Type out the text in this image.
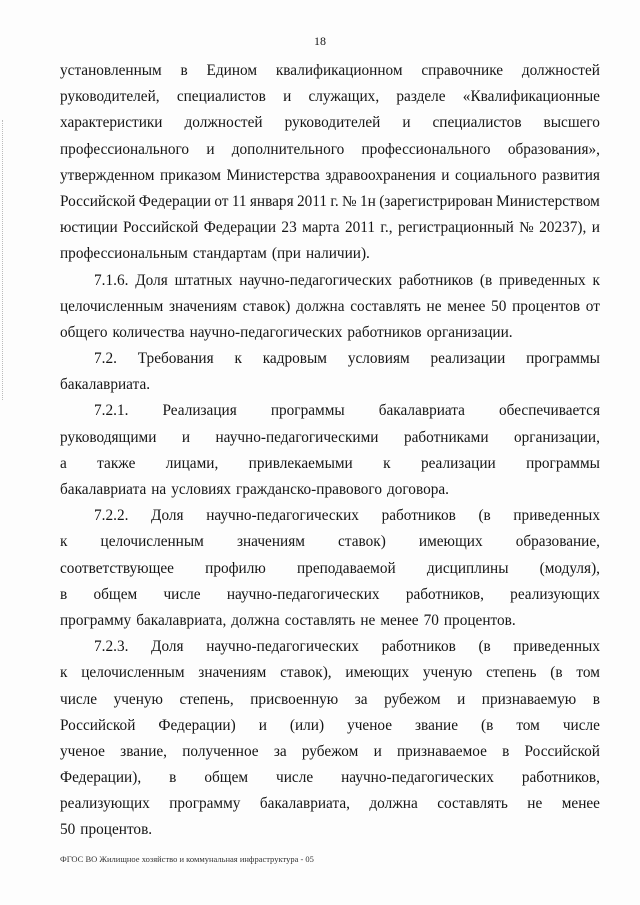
18
установленным в Едином квалификационном справочнике должностей
руководителей, специалистов и служащих, разделе «Квалификационные
характеристики должностей руководителей и специалистов высшего
профессионального и дополнительного профессионального образования»,
утвержденном приказом Министерства здравоохранения и социального развития
Российской Федерации от 11 января 2011 г. № 1н (зарегистрирован Министерством
юстиции Российской Федерации 23 марта 2011 г., регистрационный № 20237), и
профессиональным стандартам (при наличии).
7.1.6. Доля штатных научно-педагогических работников (в приведенных к
целочисленным значениям ставок) должна составлять не менее 50 процентов от
общего количества научно-педагогических работников организации.
7.2. Требования к кадровым условиям реализации программы
бакалавриата.
7.2.1. Реализация программы бакалавриата обеспечивается
руководящими и научно-педагогическими работниками организации,
а также лицами, привлекаемыми к реализации программы
бакалавриата на условиях гражданско-правового договора.
7.2.2. Доля научно-педагогических работников (в приведенных
к целочисленным значениям ставок) имеющих образование,
соответствующее профилю преподаваемой дисциплины (модуля),
в общем числе научно-педагогических работников, реализующих
программу бакалавриата, должна составлять не менее 70 процентов.
7.2.3. Доля научно-педагогических работников (в приведенных
к целочисленным значениям ставок), имеющих ученую степень (в том
числе ученую степень, присвоенную за рубежом и признаваемую в
Российской Федерации) и (или) ученое звание (в том числе
ученое звание, полученное за рубежом и признаваемое в Российской
Федерации), в общем числе научно-педагогических работников,
реализующих программу бакалавриата, должна составлять не менее
50 процентов.
ФГОС ВО Жилищное хозяйство и коммунальная инфраструктура - 05
